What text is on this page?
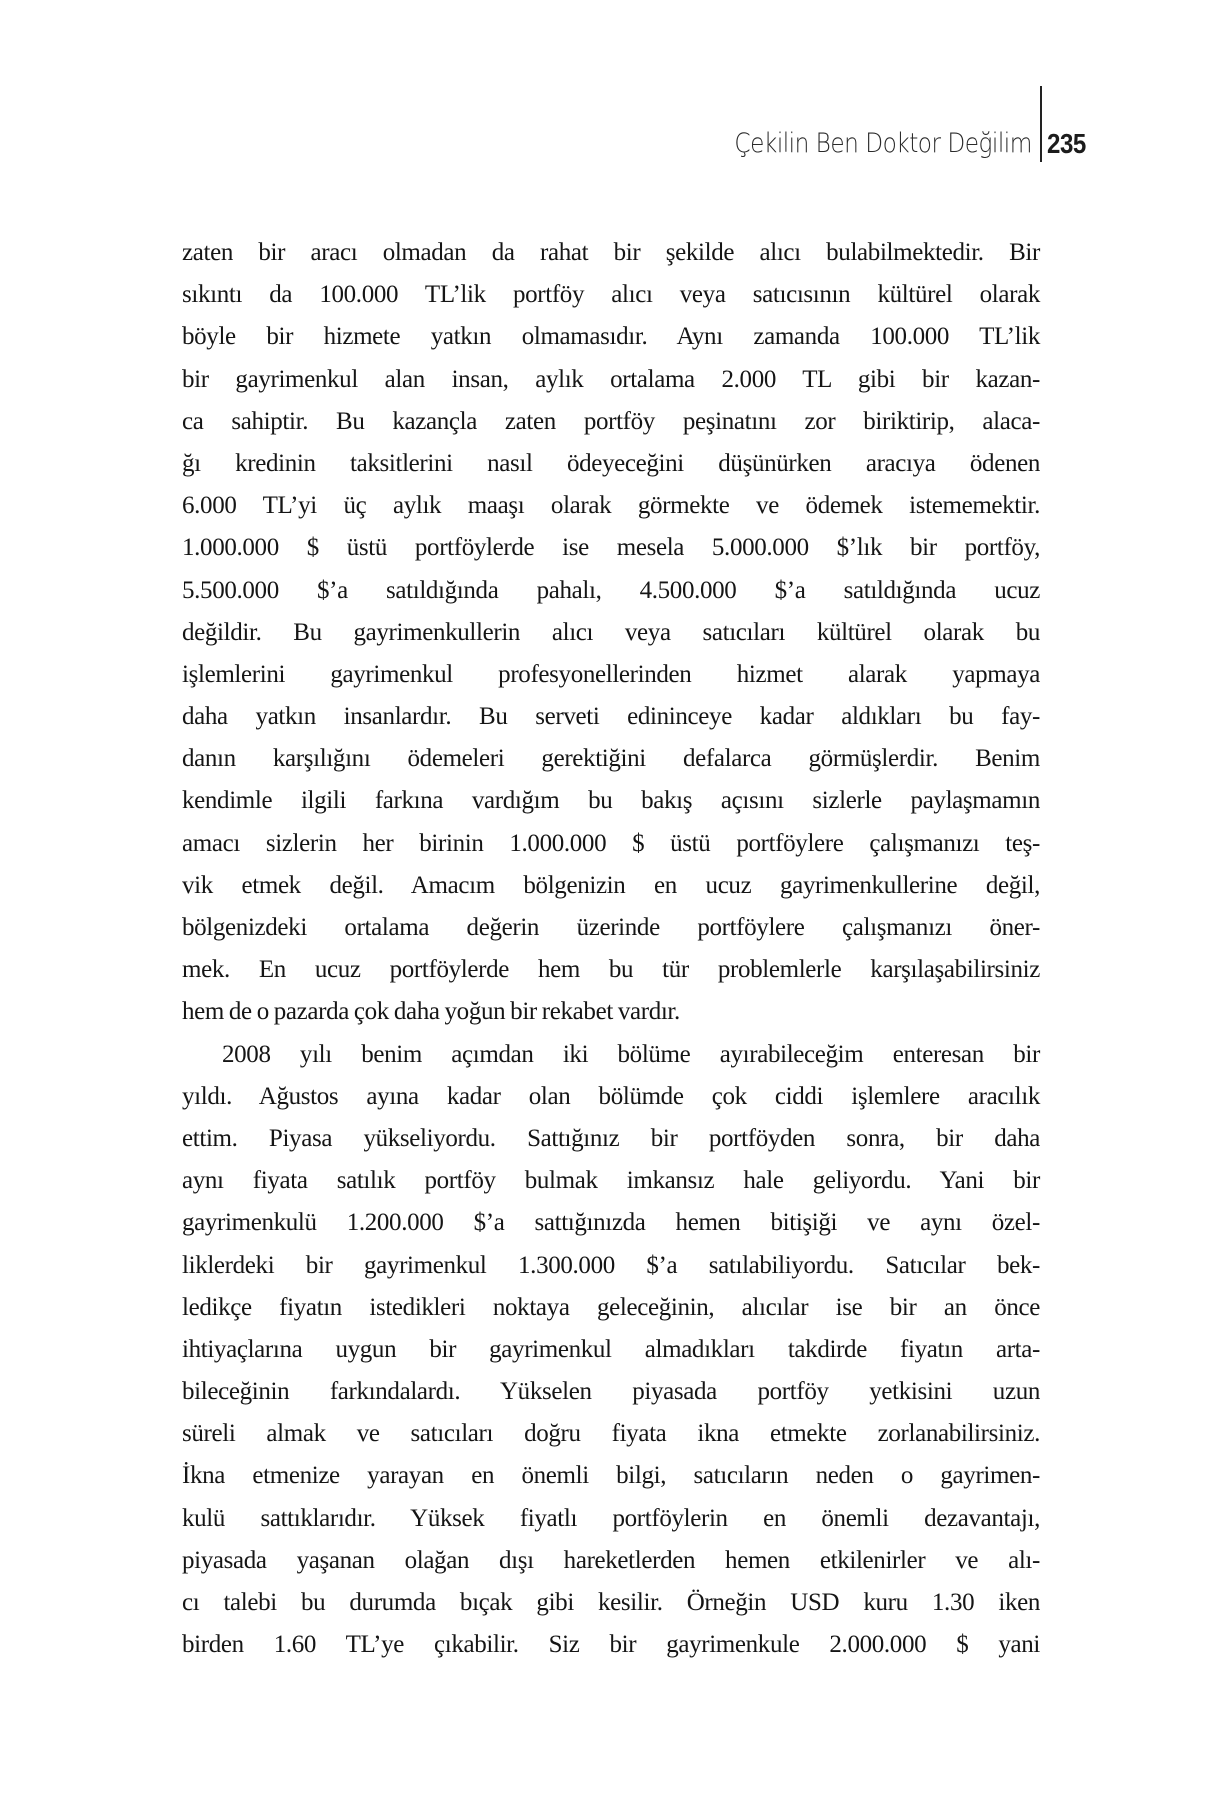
Çekilin Ben Doktor Değilim 235
zaten bir aracı olmadan da rahat bir şekilde alıcı bulabilmektedir. Bir
sıkıntı da 100.000 TL’lik portföy alıcı veya satıcısının kültürel olarak
böyle bir hizmete yatkın olmamasıdır. Aynı zamanda 100.000 TL’lik
bir gayrimenkul alan insan, aylık ortalama 2.000 TL gibi bir kazan-
ca sahiptir. Bu kazançla zaten portföy peşinatını zor biriktirip, alaca-
ğı kredinin taksitlerini nasıl ödeyeceğini düşünürken aracıya ödenen
6.000 TL’yi üç aylık maaşı olarak görmekte ve ödemek istememektir.
1.000.000 $ üstü portföylerde ise mesela 5.000.000 $’lık bir portföy,
5.500.000 $’a satıldığında pahalı, 4.500.000 $’a satıldığında ucuz
değildir. Bu gayrimenkullerin alıcı veya satıcıları kültürel olarak bu
işlemlerini gayrimenkul profesyonellerinden hizmet alarak yapmaya
daha yatkın insanlardır. Bu serveti edininceye kadar aldıkları bu fay-
danın karşılığını ödemeleri gerektiğini defalarca görmüşlerdir. Benim
kendimle ilgili farkına vardığım bu bakış açısını sizlerle paylaşmamın
amacı sizlerin her birinin 1.000.000 $ üstü portföylere çalışmanızı teş-
vik etmek değil. Amacım bölgenizin en ucuz gayrimenkullerine değil,
bölgenizdeki ortalama değerin üzerinde portföylere çalışmanızı öner-
mek. En ucuz portföylerde hem bu tür problemlerle karşılaşabilirsiniz
hem de o pazarda çok daha yoğun bir rekabet vardır.
2008 yılı benim açımdan iki bölüme ayırabileceğim enteresan bir
yıldı. Ağustos ayına kadar olan bölümde çok ciddi işlemlere aracılık
ettim. Piyasa yükseliyordu. Sattığınız bir portföyden sonra, bir daha
aynı fiyata satılık portföy bulmak imkansız hale geliyordu. Yani bir
gayrimenkulü 1.200.000 $’a sattığınızda hemen bitişiği ve aynı özel-
liklerdeki bir gayrimenkul 1.300.000 $’a satılabiliyordu. Satıcılar bek-
ledikçe fiyatın istedikleri noktaya geleceğinin, alıcılar ise bir an önce
ihtiyaçlarına uygun bir gayrimenkul almadıkları takdirde fiyatın arta-
bileceğinin farkındalardı. Yükselen piyasada portföy yetkisini uzun
süreli almak ve satıcıları doğru fiyata ikna etmekte zorlanabilirsiniz.
İkna etmenize yarayan en önemli bilgi, satıcıların neden o gayrimen-
kulü sattıklarıdır. Yüksek fiyatlı portföylerin en önemli dezavantajı,
piyasada yaşanan olağan dışı hareketlerden hemen etkilenirler ve alı-
cı talebi bu durumda bıçak gibi kesilir. Örneğin USD kuru 1.30 iken
birden 1.60 TL’ye çıkabilir. Siz bir gayrimenkule 2.000.000 $ yani
